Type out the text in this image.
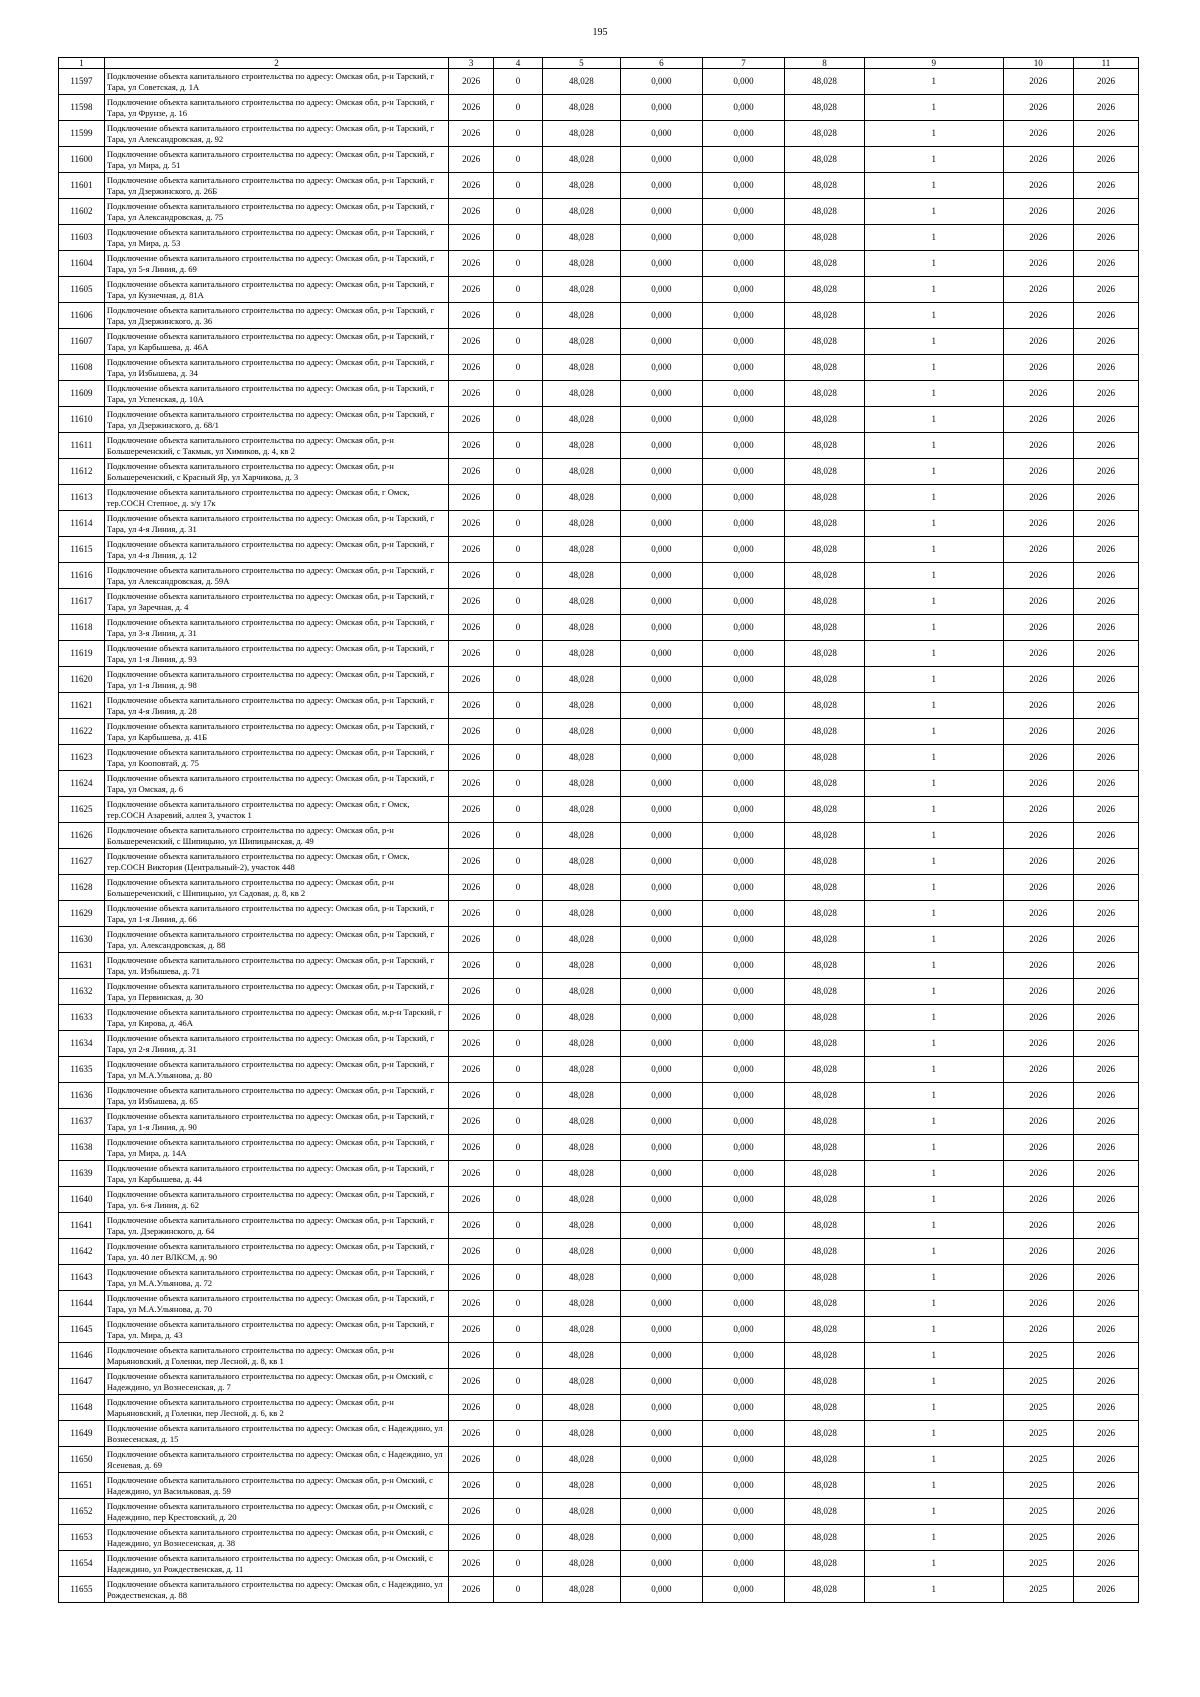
195
1	2	3	4	5	6	7	8	9	10	11
11597	Подключение объекта капитального строительства по адресу: Омская обл, р-н Тарский, г Тара, ул Советская, д. 1А	2026	0	48,028	0,000	0,000	48,028	1	2026	2026
11598	Подключение объекта капитального строительства по адресу: Омская обл, р-н Тарский, г Тара, ул Фрунзе, д. 16	2026	0	48,028	0,000	0,000	48,028	1	2026	2026
11599	Подключение объекта капитального строительства по адресу: Омская обл, р-н Тарский, г Тара, ул Александровская, д. 92	2026	0	48,028	0,000	0,000	48,028	1	2026	2026
11600	Подключение объекта капитального строительства по адресу: Омская обл, р-н Тарский, г Тара, ул Мира, д. 51	2026	0	48,028	0,000	0,000	48,028	1	2026	2026
11601	Подключение объекта капитального строительства по адресу: Омская обл, р-н Тарский, г Тара, ул Дзержинского, д. 26Б	2026	0	48,028	0,000	0,000	48,028	1	2026	2026
11602	Подключение объекта капитального строительства по адресу: Омская обл, р-н Тарский, г Тара, ул Александровская, д. 75	2026	0	48,028	0,000	0,000	48,028	1	2026	2026
11603	Подключение объекта капитального строительства по адресу: Омская обл, р-н Тарский, г Тара, ул Мира, д. 53	2026	0	48,028	0,000	0,000	48,028	1	2026	2026
11604	Подключение объекта капитального строительства по адресу: Омская обл, р-н Тарский, г Тара, ул 5-я Линия, д. 69	2026	0	48,028	0,000	0,000	48,028	1	2026	2026
11605	Подключение объекта капитального строительства по адресу: Омская обл, р-н Тарский, г Тара, ул Кузнечная, д. 81А	2026	0	48,028	0,000	0,000	48,028	1	2026	2026
11606	Подключение объекта капитального строительства по адресу: Омская обл, р-н Тарский, г Тара, ул Дзержинского, д. 36	2026	0	48,028	0,000	0,000	48,028	1	2026	2026
11607	Подключение объекта капитального строительства по адресу: Омская обл, р-н Тарский, г Тара, ул Карбышева, д. 46А	2026	0	48,028	0,000	0,000	48,028	1	2026	2026
11608	Подключение объекта капитального строительства по адресу: Омская обл, р-н Тарский, г Тара, ул Избышева, д. 34	2026	0	48,028	0,000	0,000	48,028	1	2026	2026
11609	Подключение объекта капитального строительства по адресу: Омская обл, р-н Тарский, г Тара, ул Успенская, д. 10А	2026	0	48,028	0,000	0,000	48,028	1	2026	2026
11610	Подключение объекта капитального строительства по адресу: Омская обл, р-н Тарский, г Тара, ул Дзержинского, д. 68/1	2026	0	48,028	0,000	0,000	48,028	1	2026	2026
11611	Подключение объекта капитального строительства по адресу: Омская обл, р-н Большереченский, с Такмык, ул Химиков, д. 4, кв 2	2026	0	48,028	0,000	0,000	48,028	1	2026	2026
11612	Подключение объекта капитального строительства по адресу: Омская обл, р-н Большереченский, с Красный Яр, ул Харчикова, д. 3	2026	0	48,028	0,000	0,000	48,028	1	2026	2026
11613	Подключение объекта капитального строительства по адресу: Омская обл, г Омск, тер.СОСН Степное, д. з/у 17к	2026	0	48,028	0,000	0,000	48,028	1	2026	2026
11614	Подключение объекта капитального строительства по адресу: Омская обл, р-н Тарский, г Тара, ул 4-я Линия, д. 31	2026	0	48,028	0,000	0,000	48,028	1	2026	2026
11615	Подключение объекта капитального строительства по адресу: Омская обл, р-н Тарский, г Тара, ул 4-я Линия, д. 12	2026	0	48,028	0,000	0,000	48,028	1	2026	2026
11616	Подключение объекта капитального строительства по адресу: Омская обл, р-н Тарский, г Тара, ул Александровская, д. 59А	2026	0	48,028	0,000	0,000	48,028	1	2026	2026
11617	Подключение объекта капитального строительства по адресу: Омская обл, р-н Тарский, г Тара, ул Заречная, д. 4	2026	0	48,028	0,000	0,000	48,028	1	2026	2026
11618	Подключение объекта капитального строительства по адресу: Омская обл, р-н Тарский, г Тара, ул 3-я Линия, д. 31	2026	0	48,028	0,000	0,000	48,028	1	2026	2026
11619	Подключение объекта капитального строительства по адресу: Омская обл, р-н Тарский, г Тара, ул 1-я Линия, д. 93	2026	0	48,028	0,000	0,000	48,028	1	2026	2026
11620	Подключение объекта капитального строительства по адресу: Омская обл, р-н Тарский, г Тара, ул 1-я Линия, д. 98	2026	0	48,028	0,000	0,000	48,028	1	2026	2026
11621	Подключение объекта капитального строительства по адресу: Омская обл, р-н Тарский, г Тара, ул 4-я Линия, д. 28	2026	0	48,028	0,000	0,000	48,028	1	2026	2026
11622	Подключение объекта капитального строительства по адресу: Омская обл, р-н Тарский, г Тара, ул Карбышева, д. 41Б	2026	0	48,028	0,000	0,000	48,028	1	2026	2026
11623	Подключение объекта капитального строительства по адресу: Омская обл, р-н Тарский, г Тара, ул Кооповтай, д. 75	2026	0	48,028	0,000	0,000	48,028	1	2026	2026
11624	Подключение объекта капитального строительства по адресу: Омская обл, р-н Тарский, г Тара, ул Омская, д. 6	2026	0	48,028	0,000	0,000	48,028	1	2026	2026
11625	Подключение объекта капитального строительства по адресу: Омская обл, г Омск, тер.СОСН Азаревий, аллея 3, участок 1	2026	0	48,028	0,000	0,000	48,028	1	2026	2026
11626	Подключение объекта капитального строительства по адресу: Омская обл, р-н Большереченский, с Шипицыно, ул Шипицынская, д. 49	2026	0	48,028	0,000	0,000	48,028	1	2026	2026
11627	Подключение объекта капитального строительства по адресу: Омская обл, г Омск, тер.СОСН Виктория (Центральный-2), участок 448	2026	0	48,028	0,000	0,000	48,028	1	2026	2026
11628	Подключение объекта капитального строительства по адресу: Омская обл, р-н Большереченский, с Шипицыно, ул Садовая, д. 8, кв 2	2026	0	48,028	0,000	0,000	48,028	1	2026	2026
11629	Подключение объекта капитального строительства по адресу: Омская обл, р-н Тарский, г Тара, ул 1-я Линия, д. 66	2026	0	48,028	0,000	0,000	48,028	1	2026	2026
11630	Подключение объекта капитального строительства по адресу: Омская обл, р-н Тарский, г Тара, ул. Александровская, д. 88	2026	0	48,028	0,000	0,000	48,028	1	2026	2026
11631	Подключение объекта капитального строительства по адресу: Омская обл, р-н Тарский, г Тара, ул. Избышева, д. 71	2026	0	48,028	0,000	0,000	48,028	1	2026	2026
11632	Подключение объекта капитального строительства по адресу: Омская обл, р-н Тарский, г Тара, ул Первинская, д. 30	2026	0	48,028	0,000	0,000	48,028	1	2026	2026
11633	Подключение объекта капитального строительства по адресу: Омская обл, м.р-н Тарский, г Тара, ул Кирова, д. 46А	2026	0	48,028	0,000	0,000	48,028	1	2026	2026
11634	Подключение объекта капитального строительства по адресу: Омская обл, р-н Тарский, г Тара, ул 2-я Линия, д. 31	2026	0	48,028	0,000	0,000	48,028	1	2026	2026
11635	Подключение объекта капитального строительства по адресу: Омская обл, р-н Тарский, г Тара, ул М.А.Ульянова, д. 80	2026	0	48,028	0,000	0,000	48,028	1	2026	2026
11636	Подключение объекта капитального строительства по адресу: Омская обл, р-н Тарский, г Тара, ул Избышева, д. 65	2026	0	48,028	0,000	0,000	48,028	1	2026	2026
11637	Подключение объекта капитального строительства по адресу: Омская обл, р-н Тарский, г Тара, ул 1-я Линия, д. 90	2026	0	48,028	0,000	0,000	48,028	1	2026	2026
11638	Подключение объекта капитального строительства по адресу: Омская обл, р-н Тарский, г Тара, ул Мира, д. 14А	2026	0	48,028	0,000	0,000	48,028	1	2026	2026
11639	Подключение объекта капитального строительства по адресу: Омская обл, р-н Тарский, г Тара, ул Карбышева, д. 44	2026	0	48,028	0,000	0,000	48,028	1	2026	2026
11640	Подключение объекта капитального строительства по адресу: Омская обл, р-н Тарский, г Тара, ул. 6-я Линия, д. 62	2026	0	48,028	0,000	0,000	48,028	1	2026	2026
11641	Подключение объекта капитального строительства по адресу: Омская обл, р-н Тарский, г Тара, ул. Дзержинского, д. 64	2026	0	48,028	0,000	0,000	48,028	1	2026	2026
11642	Подключение объекта капитального строительства по адресу: Омская обл, р-н Тарский, г Тара, ул. 40 лет ВЛКСМ, д. 90	2026	0	48,028	0,000	0,000	48,028	1	2026	2026
11643	Подключение объекта капитального строительства по адресу: Омская обл, р-н Тарский, г Тара, ул М.А.Ульянова, д. 72	2026	0	48,028	0,000	0,000	48,028	1	2026	2026
11644	Подключение объекта капитального строительства по адресу: Омская обл, р-н Тарский, г Тара, ул М.А.Ульянова, д. 70	2026	0	48,028	0,000	0,000	48,028	1	2026	2026
11645	Подключение объекта капитального строительства по адресу: Омская обл, р-н Тарский, г Тара, ул. Мира, д. 43	2026	0	48,028	0,000	0,000	48,028	1	2026	2026
11646	Подключение объекта капитального строительства по адресу: Омская обл, р-н Марьяновский, д Голенки, пер Лесной, д. 8, кв 1	2026	0	48,028	0,000	0,000	48,028	1	2025	2026
11647	Подключение объекта капитального строительства по адресу: Омская обл, р-н Омский, с Надеждино, ул Вознесенская, д. 7	2026	0	48,028	0,000	0,000	48,028	1	2025	2026
11648	Подключение объекта капитального строительства по адресу: Омская обл, р-н Марьяновский, д Голенки, пер Лесной, д. 6, кв 2	2026	0	48,028	0,000	0,000	48,028	1	2025	2026
11649	Подключение объекта капитального строительства по адресу: Омская обл, с Надеждино, ул Вознесенская, д. 15	2026	0	48,028	0,000	0,000	48,028	1	2025	2026
11650	Подключение объекта капитального строительства по адресу: Омская обл, с Надеждино, ул Ясеневая, д. 69	2026	0	48,028	0,000	0,000	48,028	1	2025	2026
11651	Подключение объекта капитального строительства по адресу: Омская обл, р-н Омский, с Надеждино, ул Васильковая, д. 59	2026	0	48,028	0,000	0,000	48,028	1	2025	2026
11652	Подключение объекта капитального строительства по адресу: Омская обл, р-н Омский, с Надеждино, пер Крестовский, д. 20	2026	0	48,028	0,000	0,000	48,028	1	2025	2026
11653	Подключение объекта капитального строительства по адресу: Омская обл, р-н Омский, с Надеждино, ул Вознесенская, д. 38	2026	0	48,028	0,000	0,000	48,028	1	2025	2026
11654	Подключение объекта капитального строительства по адресу: Омская обл, р-н Омский, с Надеждино, ул Рождественская, д. 11	2026	0	48,028	0,000	0,000	48,028	1	2025	2026
11655	Подключение объекта капитального строительства по адресу: Омская обл, с Надеждино, ул Рождественская, д. 88	2026	0	48,028	0,000	0,000	48,028	1	2025	2026
